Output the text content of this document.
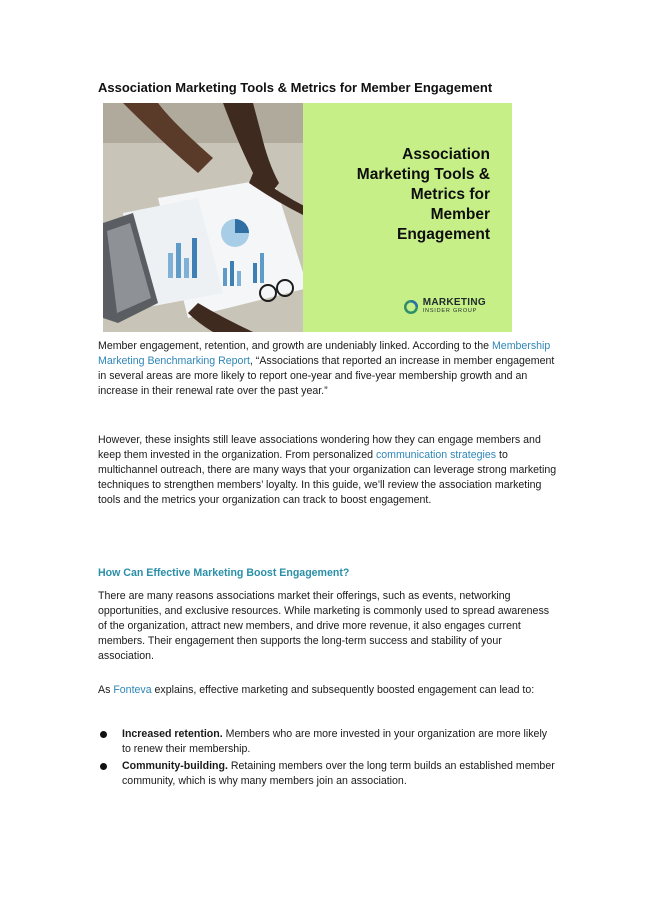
Association Marketing Tools & Metrics for Member Engagement

Association
Marketing Tools &
Metrics for
Member
Engagement

MARKETING
INSIDER GROUP

Member engagement, retention, and growth are undeniably linked. According to the Membership Marketing Benchmarking Report, “Associations that reported an increase in member engagement in several areas are more likely to report one-year and five-year membership growth and an increase in their renewal rate over the past year.”

However, these insights still leave associations wondering how they can engage members and keep them invested in the organization. From personalized communication strategies to multichannel outreach, there are many ways that your organization can leverage strong marketing techniques to strengthen members’ loyalty. In this guide, we’ll review the association marketing tools and the metrics your organization can track to boost engagement.

How Can Effective Marketing Boost Engagement?

There are many reasons associations market their offerings, such as events, networking opportunities, and exclusive resources. While marketing is commonly used to spread awareness of the organization, attract new members, and drive more revenue, it also engages current members. Their engagement then supports the long-term success and stability of your association.

As Fonteva explains, effective marketing and subsequently boosted engagement can lead to:

Increased retention. Members who are more invested in your organization are more likely to renew their membership.
Community-building. Retaining members over the long term builds an established member community, which is why many members join an association.
